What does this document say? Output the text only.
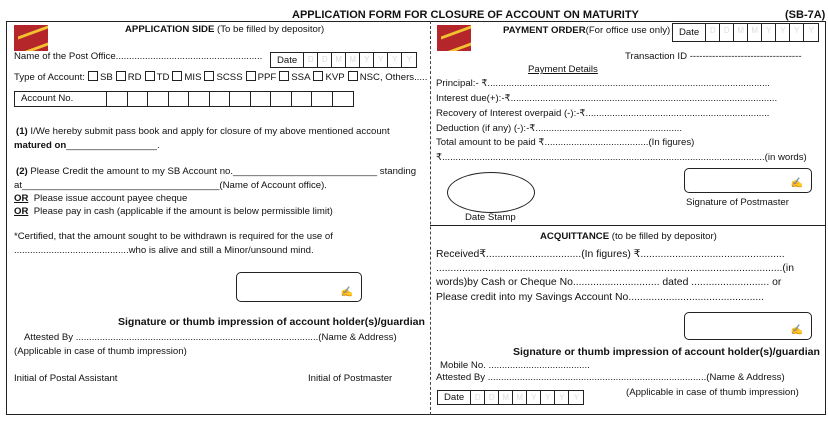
APPLICATION FORM FOR CLOSURE OF ACCOUNT ON MATURITY	(SB-7A)
APPLICATION SIDE (To be filled by depositor)
Name of the Post Office.......................................................	Date	D	D M M	Y	Y	Y	Y
Type of Account: SB RD TD MIS SCSS PPF SSA KVP NSC, Others.....
Account No.
(1) I/We hereby submit pass book and apply for closure of my above mentioned account
matured on_________________.
(2) Please Credit the amount to my SB Account no.___________________________ standing
at_____________________________________(Name of Account office).
OR Please issue account payee cheque
OR Please pay in cash (applicable if the amount is below permissible limit)
*Certified, that the amount sought to be withdrawn is required for the use of
...........................................who is alive and still a Minor/unsound mind.
✍
Signature or thumb impression of account holder(s)/guardian
Attested By ...........................................................................................(Name & Address)
(Applicable in case of thumb impression)
Initial of Postal Assistant	Initial of Postmaster
PAYMENT ORDER(For office use only) Date	D	D M M	Y	Y	Y	Y
Transaction ID -----------------------------------
Payment Details
Principal:- ₹..........................................................................................................
Interest due(+):-₹....................................................................................................
Recovery of Interest overpaid (-):-₹.....................................................................
Deduction (if any) (-):-₹.......................................................
Total amount to be paid ₹.......................................(In figures)
₹.........................................................................................................................(in words)
Date Stamp
✍
Signature of Postmaster
ACQUITTANCE (to be filled by depositor)
Received₹.................................(In figures) ₹..................................................
........................................................................................................................(in
words)by Cash or Cheque No.............................. dated ........................... or
Please credit into my Savings Account No...............................................
✍
Signature or thumb impression of account holder(s)/guardian
Mobile No. ......................................
Attested By ..................................................................................(Name & Address)
Date	D	D M M	Y	Y	Y	Y	(Applicable in case of thumb impression)
